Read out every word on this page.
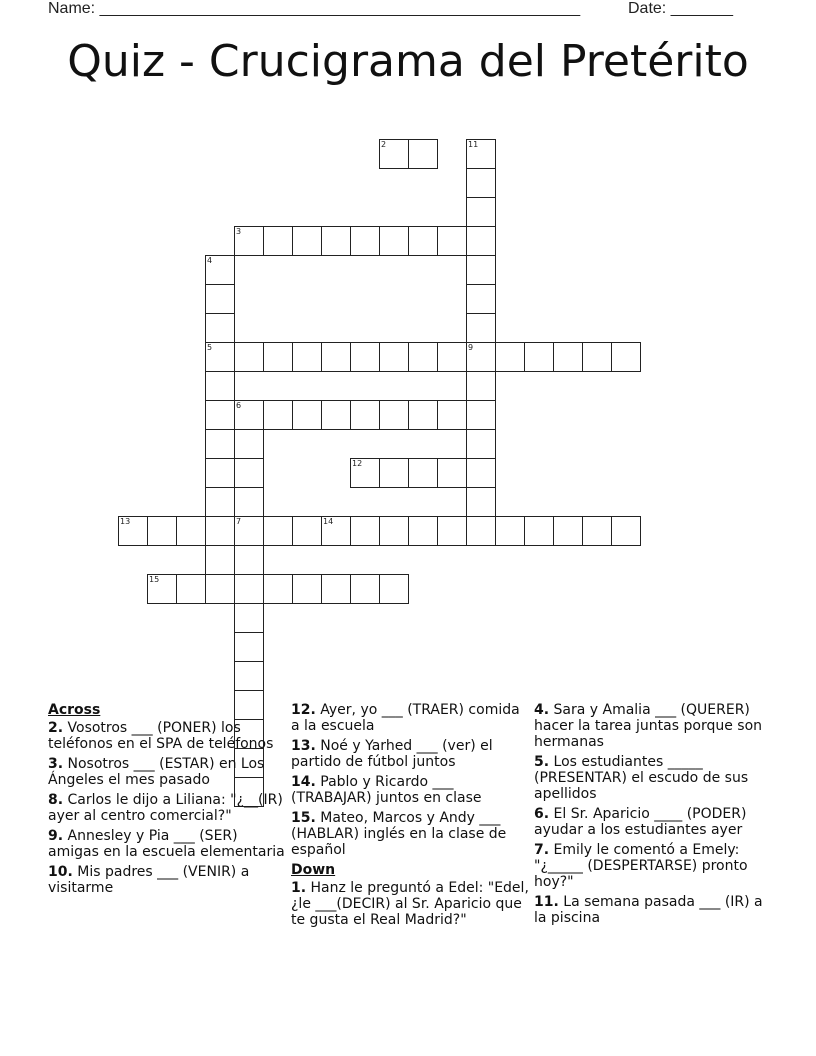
Name: ______________________________________________________	Date: _______
Quiz - Crucigrama del Pretérito
2
3
5	9
6
12
13	7	14
15
4
11
Across
2. Vosotros ___ (PONER) los teléfonos en el SPA de teléfonos
3. Nosotros ___ (ESTAR) en Los Ángeles el mes pasado
8. Carlos le dijo a Liliana: "¿__(IR) ayer al centro comercial?"
9. Annesley y Pia ___ (SER) amigas en la escuela elementaria
10. Mis padres ___ (VENIR) a visitarme
12. Ayer, yo ___ (TRAER) comida a la escuela
13. Noé y Yarhed ___ (ver) el partido de fútbol juntos
14. Pablo y Ricardo ___ (TRABAJAR) juntos en clase
15. Mateo, Marcos y Andy ___ (HABLAR) inglés en la clase de español
Down
1. Hanz le preguntó a Edel: "Edel, ¿le ___(DECIR) al Sr. Aparicio que te gusta el Real Madrid?"
4. Sara y Amalia ___ (QUERER) hacer la tarea juntas porque son hermanas
5. Los estudiantes _____ (PRESENTAR) el escudo de sus apellidos
6. El Sr. Aparicio ____ (PODER) ayudar a los estudiantes ayer
7. Emily le comentó a Emely: "¿_____ (DESPERTARSE) pronto hoy?"
11. La semana pasada ___ (IR) a la piscina
